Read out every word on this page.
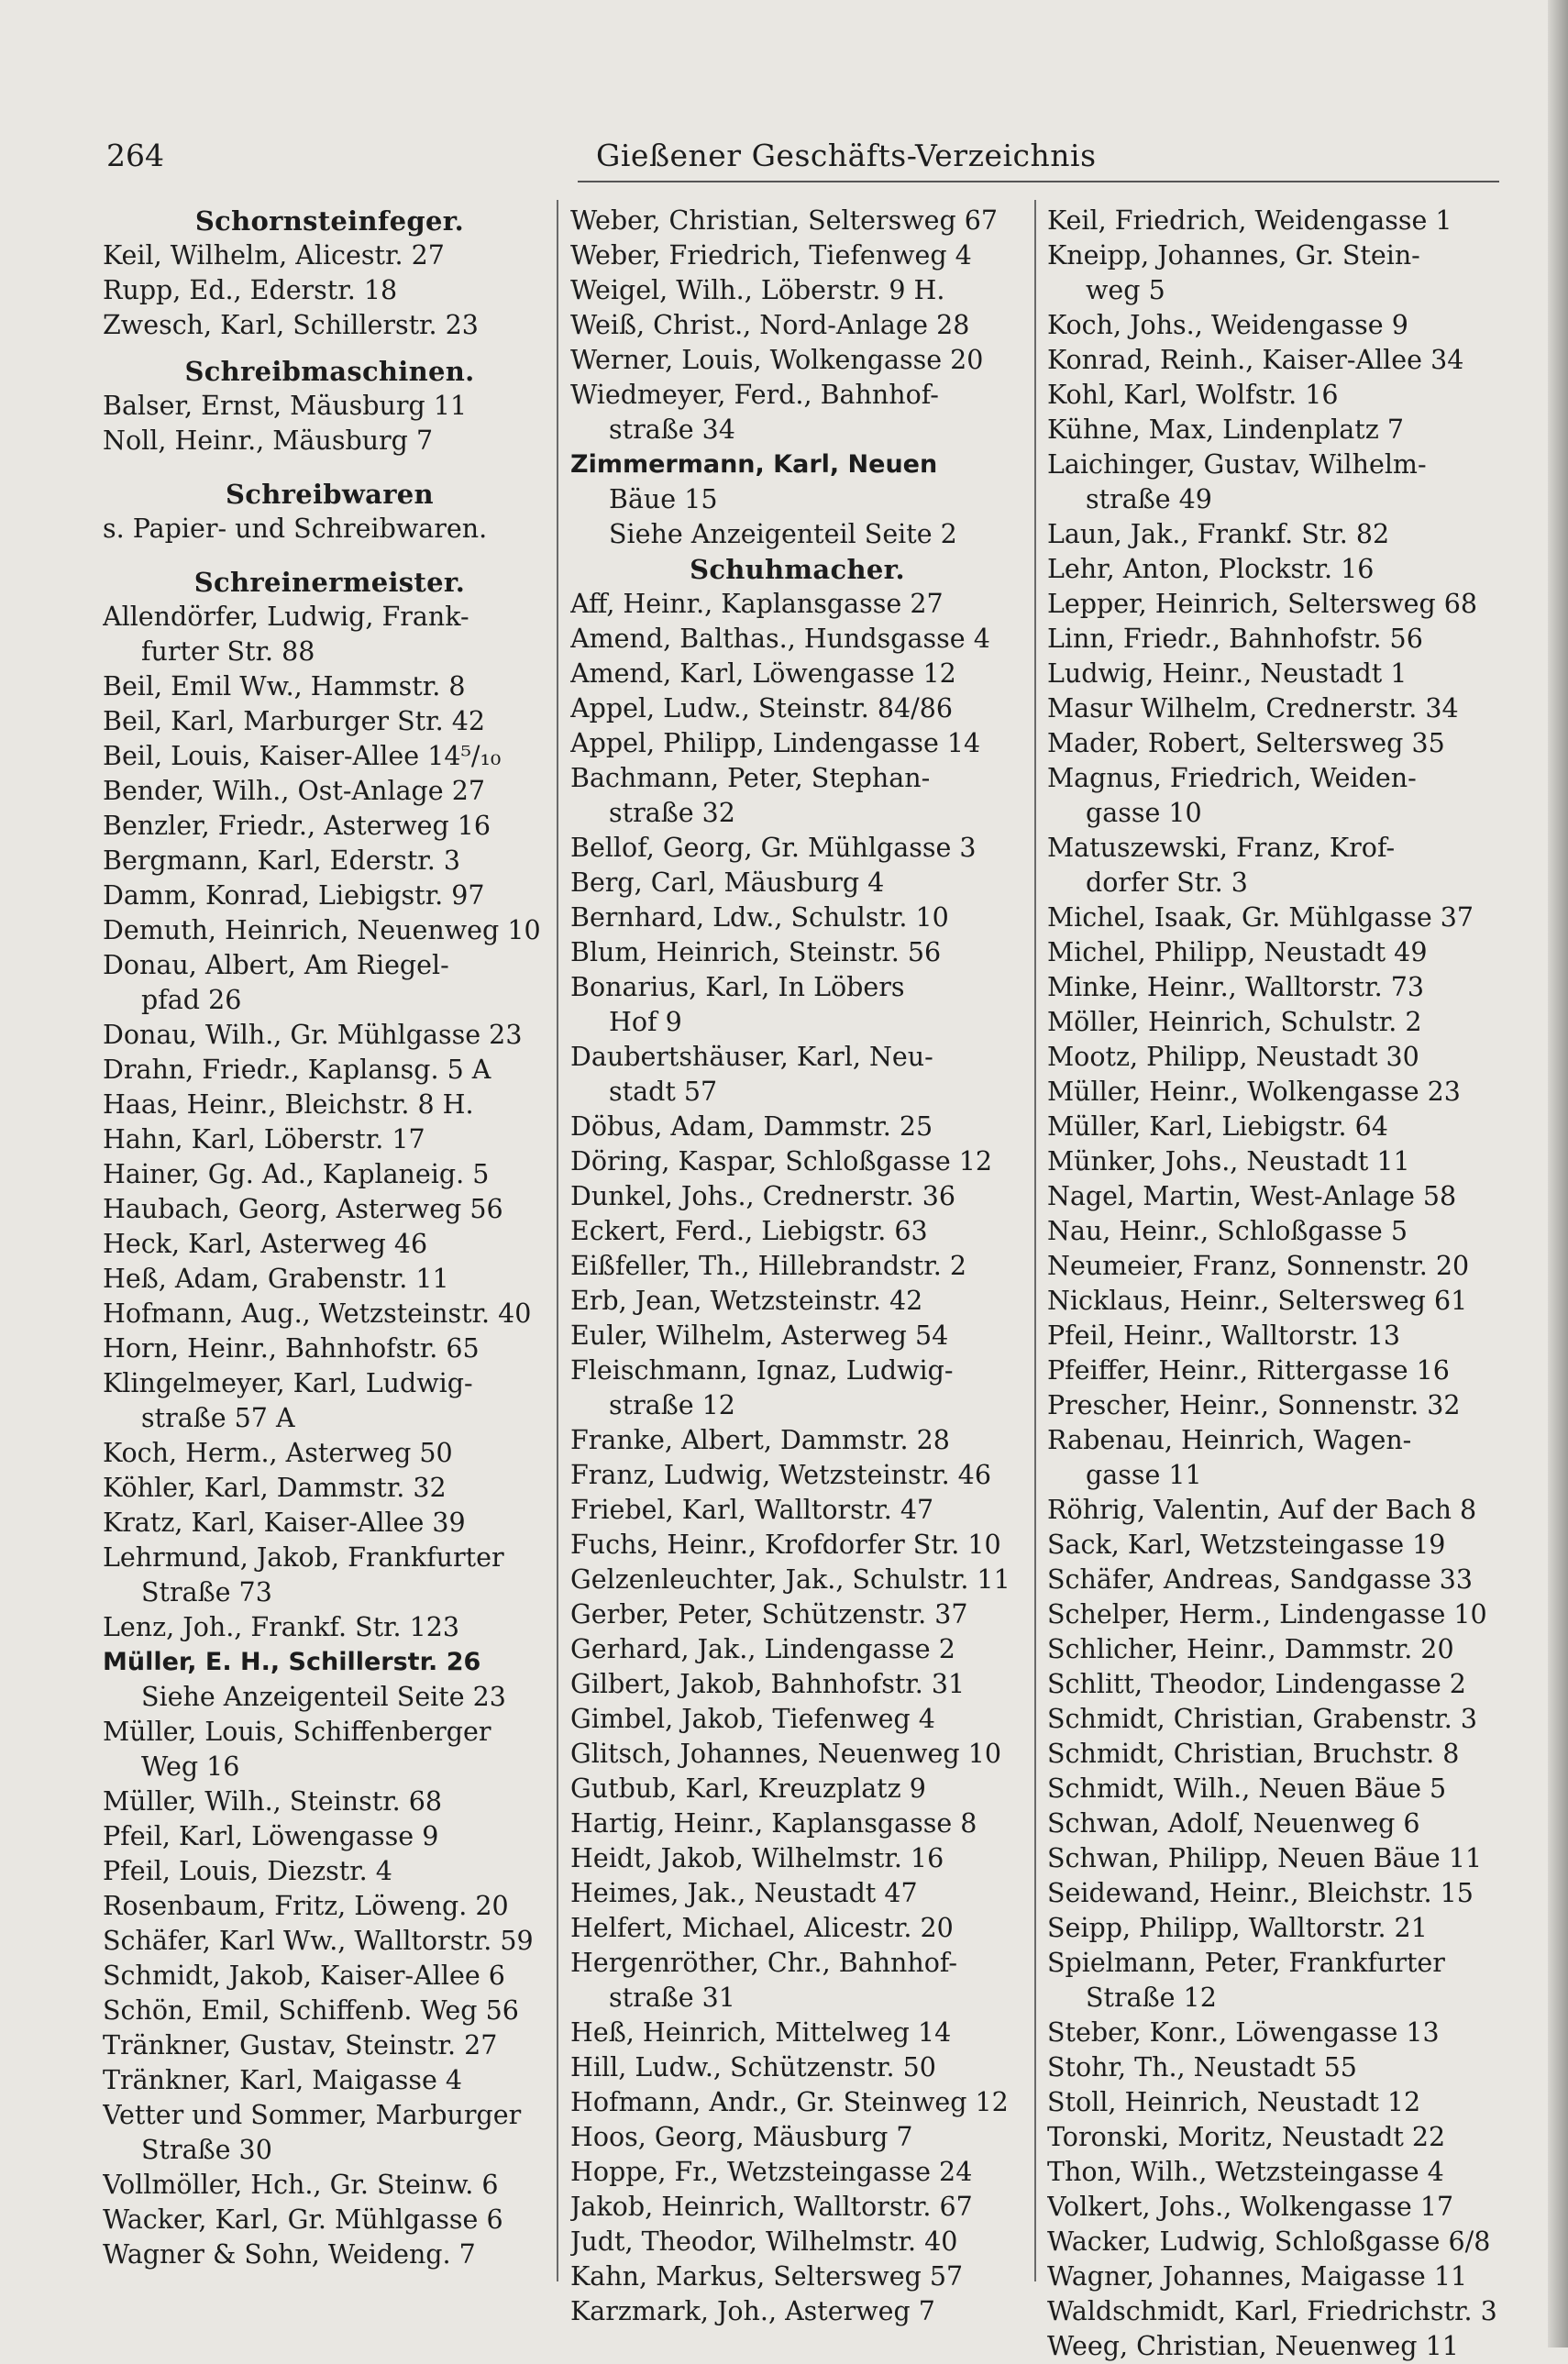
264	Gießener Geschäfts-Verzeichnis
Schornsteinfeger.
Keil, Wilhelm, Alicestr. 27
Rupp, Ed., Ederstr. 18
Zwesch, Karl, Schillerstr. 23
Schreibmaschinen.
Balser, Ernst, Mäusburg 11
Noll, Heinr., Mäusburg 7
Schreibwaren
s. Papier- und Schreibwaren.
Schreinermeister.
Allendörfer, Ludwig, Frank-
furter Str. 88
Beil, Emil Ww., Hammstr. 8
Beil, Karl, Marburger Str. 42
Beil, Louis, Kaiser-Allee 14⁵/₁₀
Bender, Wilh., Ost-Anlage 27
Benzler, Friedr., Asterweg 16
Bergmann, Karl, Ederstr. 3
Damm, Konrad, Liebigstr. 97
Demuth, Heinrich, Neuenweg 10
Donau, Albert, Am Riegel-
pfad 26
Donau, Wilh., Gr. Mühlgasse 23
Drahn, Friedr., Kaplansg. 5 A
Haas, Heinr., Bleichstr. 8 H.
Hahn, Karl, Löberstr. 17
Hainer, Gg. Ad., Kaplaneig. 5
Haubach, Georg, Asterweg 56
Heck, Karl, Asterweg 46
Heß, Adam, Grabenstr. 11
Hofmann, Aug., Wetzsteinstr. 40
Horn, Heinr., Bahnhofstr. 65
Klingelmeyer, Karl, Ludwig-
straße 57 A
Koch, Herm., Asterweg 50
Köhler, Karl, Dammstr. 32
Kratz, Karl, Kaiser-Allee 39
Lehrmund, Jakob, Frankfurter
Straße 73
Lenz, Joh., Frankf. Str. 123
Müller, E. H., Schillerstr. 26
Siehe Anzeigenteil Seite 23
Müller, Louis, Schiffenberger
Weg 16
Müller, Wilh., Steinstr. 68
Pfeil, Karl, Löwengasse 9
Pfeil, Louis, Diezstr. 4
Rosenbaum, Fritz, Löweng. 20
Schäfer, Karl Ww., Walltorstr. 59
Schmidt, Jakob, Kaiser-Allee 6
Schön, Emil, Schiffenb. Weg 56
Tränkner, Gustav, Steinstr. 27
Tränkner, Karl, Maigasse 4
Vetter und Sommer, Marburger
Straße 30
Vollmöller, Hch., Gr. Steinw. 6
Wacker, Karl, Gr. Mühlgasse 6
Wagner & Sohn, Weideng. 7
Weber, Christian, Seltersweg 67
Weber, Friedrich, Tiefenweg 4
Weigel, Wilh., Löberstr. 9 H.
Weiß, Christ., Nord-Anlage 28
Werner, Louis, Wolkengasse 20
Wiedmeyer, Ferd., Bahnhof-
straße 34
Zimmermann, Karl, Neuen
Bäue 15
Siehe Anzeigenteil Seite 2
Schuhmacher.
Aff, Heinr., Kaplansgasse 27
Amend, Balthas., Hundsgasse 4
Amend, Karl, Löwengasse 12
Appel, Ludw., Steinstr. 84/86
Appel, Philipp, Lindengasse 14
Bachmann, Peter, Stephan-
straße 32
Bellof, Georg, Gr. Mühlgasse 3
Berg, Carl, Mäusburg 4
Bernhard, Ldw., Schulstr. 10
Blum, Heinrich, Steinstr. 56
Bonarius, Karl, In Löbers
Hof 9
Daubertshäuser, Karl, Neu-
stadt 57
Döbus, Adam, Dammstr. 25
Döring, Kaspar, Schloßgasse 12
Dunkel, Johs., Crednerstr. 36
Eckert, Ferd., Liebigstr. 63
Eißfeller, Th., Hillebrandstr. 2
Erb, Jean, Wetzsteinstr. 42
Euler, Wilhelm, Asterweg 54
Fleischmann, Ignaz, Ludwig-
straße 12
Franke, Albert, Dammstr. 28
Franz, Ludwig, Wetzsteinstr. 46
Friebel, Karl, Walltorstr. 47
Fuchs, Heinr., Krofdorfer Str. 10
Gelzenleuchter, Jak., Schulstr. 11
Gerber, Peter, Schützenstr. 37
Gerhard, Jak., Lindengasse 2
Gilbert, Jakob, Bahnhofstr. 31
Gimbel, Jakob, Tiefenweg 4
Glitsch, Johannes, Neuenweg 10
Gutbub, Karl, Kreuzplatz 9
Hartig, Heinr., Kaplansgasse 8
Heidt, Jakob, Wilhelmstr. 16
Heimes, Jak., Neustadt 47
Helfert, Michael, Alicestr. 20
Hergenröther, Chr., Bahnhof-
straße 31
Heß, Heinrich, Mittelweg 14
Hill, Ludw., Schützenstr. 50
Hofmann, Andr., Gr. Steinweg 12
Hoos, Georg, Mäusburg 7
Hoppe, Fr., Wetzsteingasse 24
Jakob, Heinrich, Walltorstr. 67
Judt, Theodor, Wilhelmstr. 40
Kahn, Markus, Seltersweg 57
Karzmark, Joh., Asterweg 7
Keil, Friedrich, Weidengasse 1
Kneipp, Johannes, Gr. Stein-
weg 5
Koch, Johs., Weidengasse 9
Konrad, Reinh., Kaiser-Allee 34
Kohl, Karl, Wolfstr. 16
Kühne, Max, Lindenplatz 7
Laichinger, Gustav, Wilhelm-
straße 49
Laun, Jak., Frankf. Str. 82
Lehr, Anton, Plockstr. 16
Lepper, Heinrich, Seltersweg 68
Linn, Friedr., Bahnhofstr. 56
Ludwig, Heinr., Neustadt 1
Masur Wilhelm, Crednerstr. 34
Mader, Robert, Seltersweg 35
Magnus, Friedrich, Weiden-
gasse 10
Matuszewski, Franz, Krof-
dorfer Str. 3
Michel, Isaak, Gr. Mühlgasse 37
Michel, Philipp, Neustadt 49
Minke, Heinr., Walltorstr. 73
Möller, Heinrich, Schulstr. 2
Mootz, Philipp, Neustadt 30
Müller, Heinr., Wolkengasse 23
Müller, Karl, Liebigstr. 64
Münker, Johs., Neustadt 11
Nagel, Martin, West-Anlage 58
Nau, Heinr., Schloßgasse 5
Neumeier, Franz, Sonnenstr. 20
Nicklaus, Heinr., Seltersweg 61
Pfeil, Heinr., Walltorstr. 13
Pfeiffer, Heinr., Rittergasse 16
Prescher, Heinr., Sonnenstr. 32
Rabenau, Heinrich, Wagen-
gasse 11
Röhrig, Valentin, Auf der Bach 8
Sack, Karl, Wetzsteingasse 19
Schäfer, Andreas, Sandgasse 33
Schelper, Herm., Lindengasse 10
Schlicher, Heinr., Dammstr. 20
Schlitt, Theodor, Lindengasse 2
Schmidt, Christian, Grabenstr. 3
Schmidt, Christian, Bruchstr. 8
Schmidt, Wilh., Neuen Bäue 5
Schwan, Adolf, Neuenweg 6
Schwan, Philipp, Neuen Bäue 11
Seidewand, Heinr., Bleichstr. 15
Seipp, Philipp, Walltorstr. 21
Spielmann, Peter, Frankfurter
Straße 12
Steber, Konr., Löwengasse 13
Stohr, Th., Neustadt 55
Stoll, Heinrich, Neustadt 12
Toronski, Moritz, Neustadt 22
Thon, Wilh., Wetzsteingasse 4
Volkert, Johs., Wolkengasse 17
Wacker, Ludwig, Schloßgasse 6/8
Wagner, Johannes, Maigasse 11
Waldschmidt, Karl, Friedrichstr. 3
Weeg, Christian, Neuenweg 11
